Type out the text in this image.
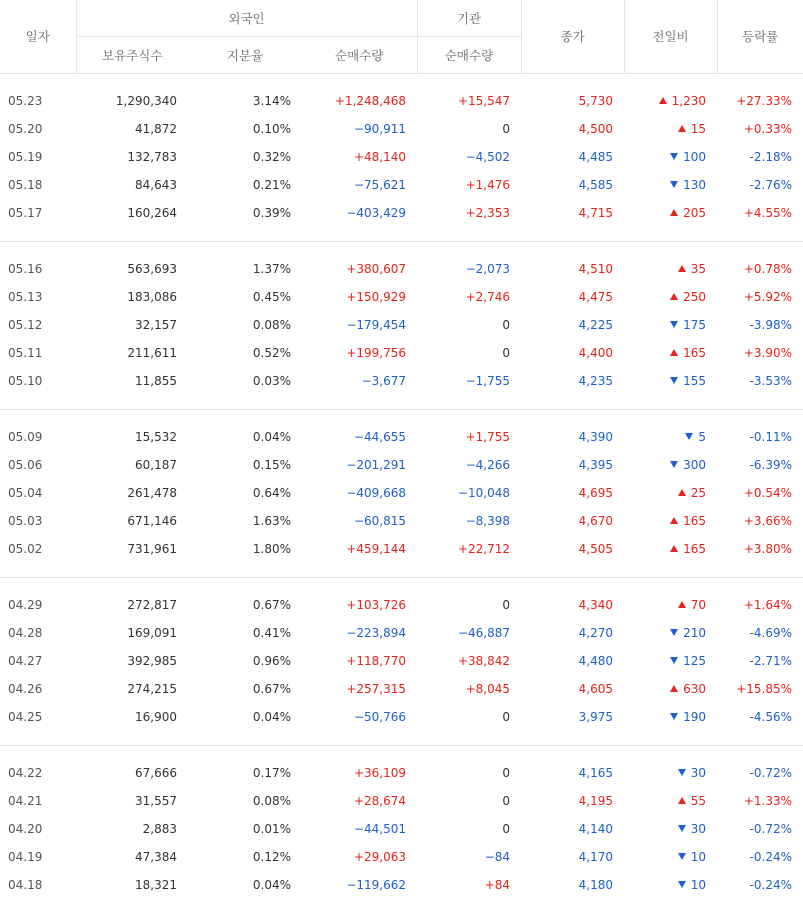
일자	외국인			기관	종가	전일비	등락률
	보유주식수	지분율	순매수량	순매수량			

05.23	1,290,340	3.14%	+1,248,468	+15,547	5,730	1,230	+27.33%
05.20	41,872	0.10%	−90,911	0	4,500	15	+0.33%
05.19	132,783	0.32%	+48,140	−4,502	4,485	100	-2.18%
05.18	84,643	0.21%	−75,621	+1,476	4,585	130	-2.76%
05.17	160,264	0.39%	−403,429	+2,353	4,715	205	+4.55%

05.16	563,693	1.37%	+380,607	−2,073	4,510	35	+0.78%
05.13	183,086	0.45%	+150,929	+2,746	4,475	250	+5.92%
05.12	32,157	0.08%	−179,454	0	4,225	175	-3.98%
05.11	211,611	0.52%	+199,756	0	4,400	165	+3.90%
05.10	11,855	0.03%	−3,677	−1,755	4,235	155	-3.53%

05.09	15,532	0.04%	−44,655	+1,755	4,390	5	-0.11%
05.06	60,187	0.15%	−201,291	−4,266	4,395	300	-6.39%
05.04	261,478	0.64%	−409,668	−10,048	4,695	25	+0.54%
05.03	671,146	1.63%	−60,815	−8,398	4,670	165	+3.66%
05.02	731,961	1.80%	+459,144	+22,712	4,505	165	+3.80%

04.29	272,817	0.67%	+103,726	0	4,340	70	+1.64%
04.28	169,091	0.41%	−223,894	−46,887	4,270	210	-4.69%
04.27	392,985	0.96%	+118,770	+38,842	4,480	125	-2.71%
04.26	274,215	0.67%	+257,315	+8,045	4,605	630	+15.85%
04.25	16,900	0.04%	−50,766	0	3,975	190	-4.56%

04.22	67,666	0.17%	+36,109	0	4,165	30	-0.72%
04.21	31,557	0.08%	+28,674	0	4,195	55	+1.33%
04.20	2,883	0.01%	−44,501	0	4,140	30	-0.72%
04.19	47,384	0.12%	+29,063	−84	4,170	10	-0.24%
04.18	18,321	0.04%	−119,662	+84	4,180	10	-0.24%
